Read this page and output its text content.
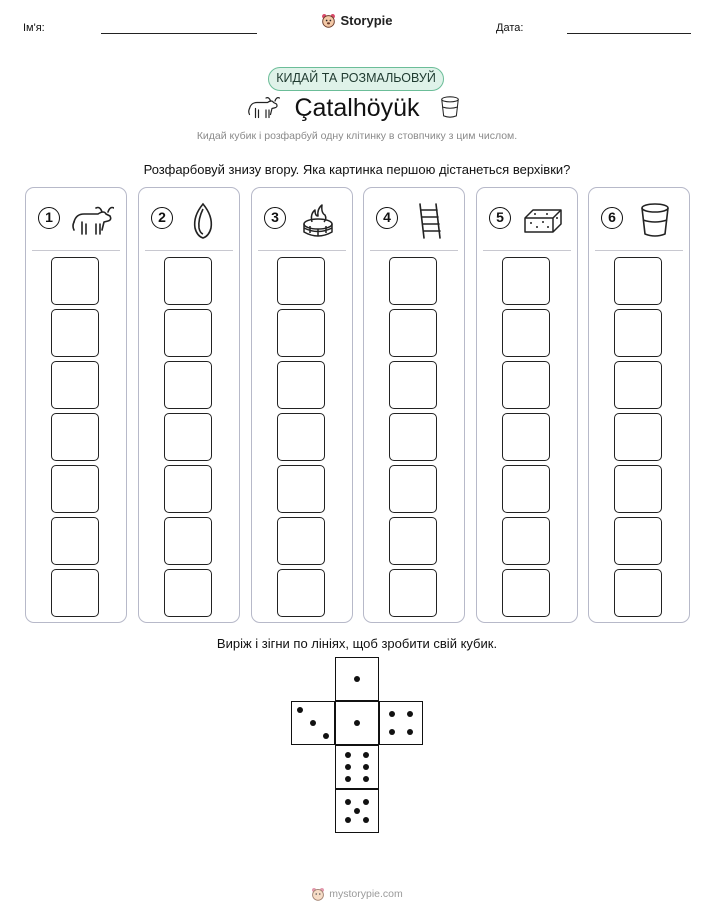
Ім'я:	Storypie	Дата:
КИДАЙ ТА РОЗМАЛЬОВУЙ
Çatalhöyük
Кидай кубик і розфарбуй одну клітинку в стовпчику з цим числом.
Розфарбовуй знизу вгору. Яка картинка першою дістанеться верхівки?
1	2	3	4	5	6
Виріж і зігни по лініях, щоб зробити свій кубик.
mystorypie.com
